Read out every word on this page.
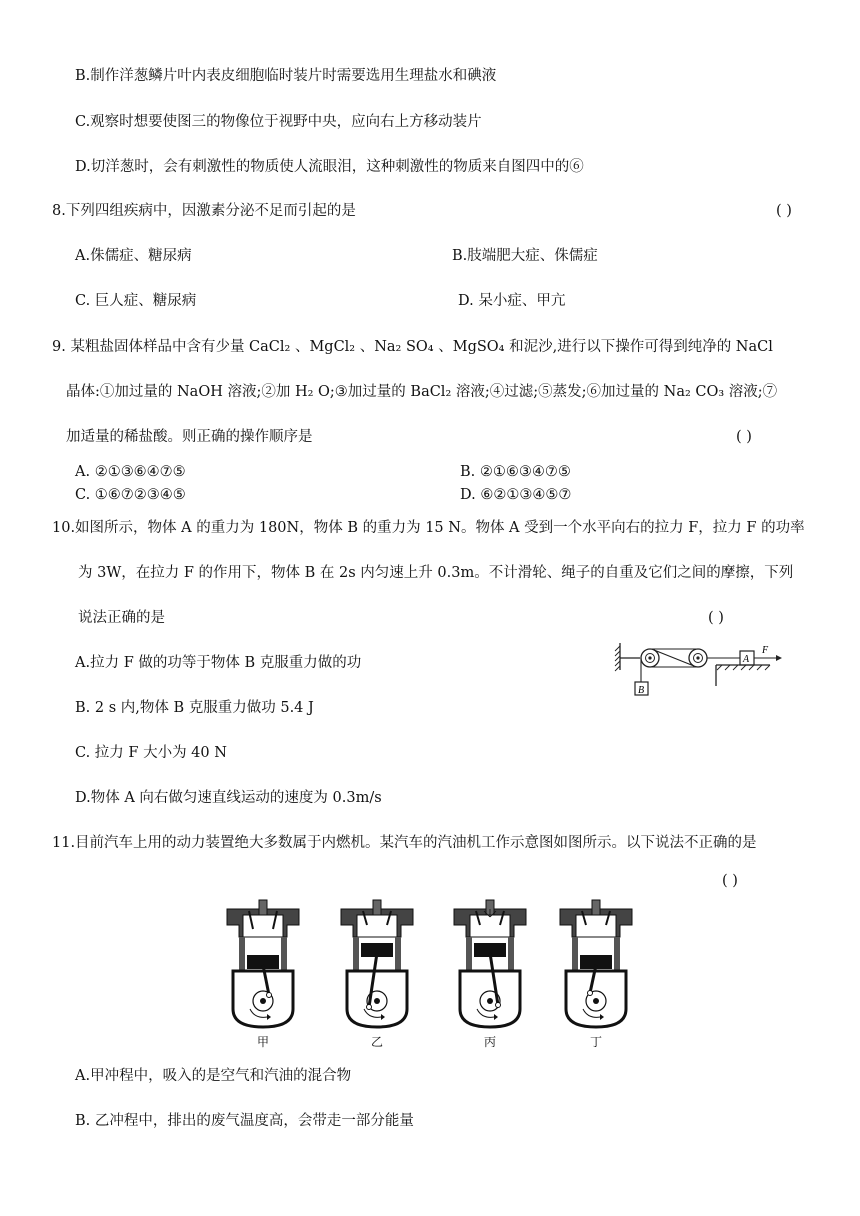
B.制作洋葱鳞片叶内表皮细胞临时装片时需要选用生理盐水和碘液
C.观察时想要使图三的物像位于视野中央，应向右上方移动装片
D.切洋葱时，会有刺激性的物质使人流眼泪，这种刺激性的物质来自图四中的⑥
8.下列四组疾病中，因激素分泌不足而引起的是	( )
A.侏儒症、糖尿病	B.肢端肥大症、侏儒症
C. 巨人症、糖尿病	D. 呆小症、甲亢
9. 某粗盐固体样品中含有少量 CaCl₂ 、MgCl₂ 、Na₂ SO₄ 、MgSO₄ 和泥沙,进行以下操作可得到纯净的 NaCl
晶体:①加过量的 NaOH 溶液;②加 H₂ O;③加过量的 BaCl₂ 溶液;④过滤;⑤蒸发;⑥加过量的 Na₂ CO₃ 溶液;⑦
加适量的稀盐酸。则正确的操作顺序是	( )
A. ②①③⑥④⑦⑤	B. ②①⑥③④⑦⑤
C. ①⑥⑦②③④⑤	D. ⑥②①③④⑤⑦
10.如图所示，物体 A 的重力为 180N，物体 B 的重力为 15 N。物体 A 受到一个水平向右的拉力 F，拉力 F 的功率
为 3W，在拉力 F 的作用下，物体 B 在 2s 内匀速上升 0.3m。不计滑轮、绳子的自重及它们之间的摩擦，下列
说法正确的是	( )
A.拉力 F 做的功等于物体 B 克服重力做的功
B. 2 s 内,物体 B 克服重力做功 5.4 J
C. 拉力 F 大小为 40 N
D.物体 A 向右做匀速直线运动的速度为 0.3m/s
A
B
F
11.目前汽车上用的动力装置绝大多数属于内燃机。某汽车的汽油机工作示意图如图所示。以下说法不正确的是
( )
甲	乙	丙	丁
A.甲冲程中，吸入的是空气和汽油的混合物
B. 乙冲程中，排出的废气温度高，会带走一部分能量
